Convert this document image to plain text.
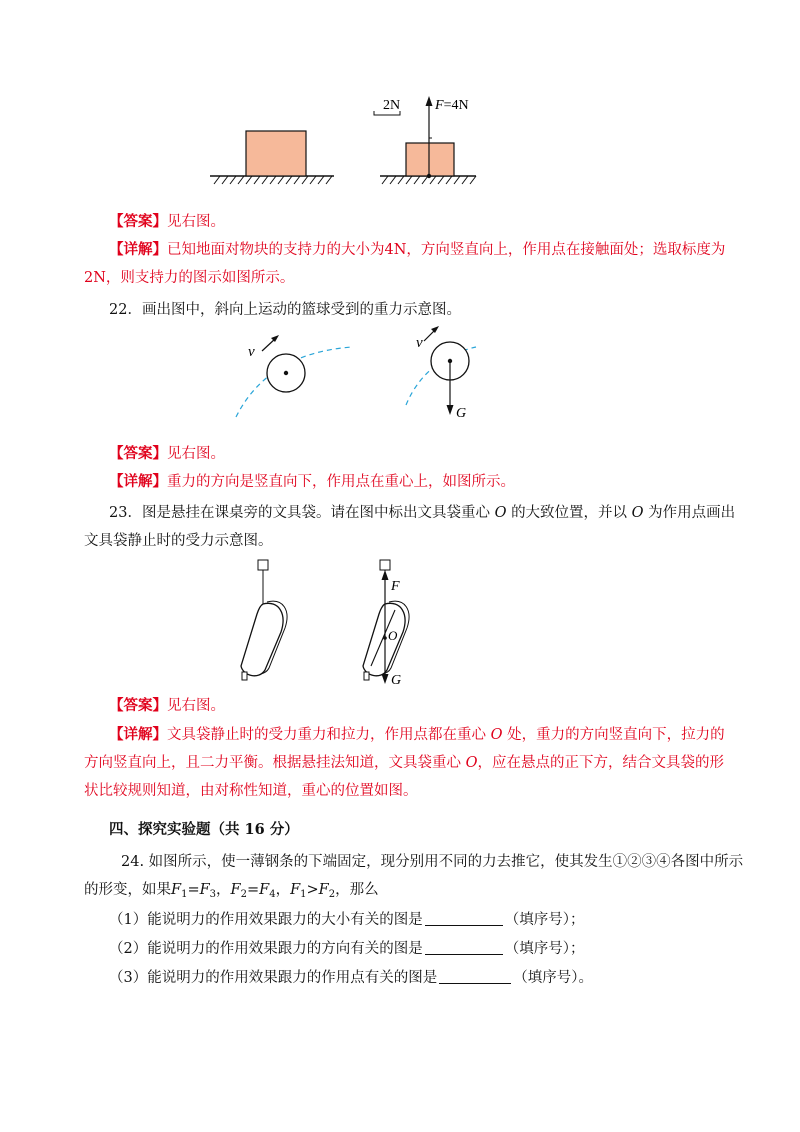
2N F=4N
【答案】见右图。
【详解】已知地面对物块的支持力的大小为4N，方向竖直向上，作用点在接触面处；选取标度为
2N，则支持力的图示如图所示。
22．画出图中，斜向上运动的篮球受到的重力示意图。
v
G
v
【答案】见右图。
【详解】重力的方向是竖直向下，作用点在重心上，如图所示。
23．图是悬挂在课桌旁的文具袋。请在图中标出文具袋重心 O 的大致位置，并以 O 为作用点画出
文具袋静止时的受力示意图。
F
O
G
【答案】见右图。
【详解】文具袋静止时的受力重力和拉力，作用点都在重心 O 处，重力的方向竖直向下，拉力的
方向竖直向上，且二力平衡。根据悬挂法知道，文具袋重心 O，应在悬点的正下方，结合文具袋的形
状比较规则知道，由对称性知道，重心的位置如图。
四、探究实验题（共 16 分）
24. 如图所示，使一薄钢条的下端固定，现分别用不同的力去推它，使其发生①②③④各图中所示
的形变，如果$F_1=F_3$，$F_2=F_4$，$F_1>F_2$，那么
（1）能说明力的作用效果跟力的大小有关的图是	（填序号）；
（2）能说明力的作用效果跟力的方向有关的图是	（填序号）；
（3）能说明力的作用效果跟力的作用点有关的图是	（填序号）。
